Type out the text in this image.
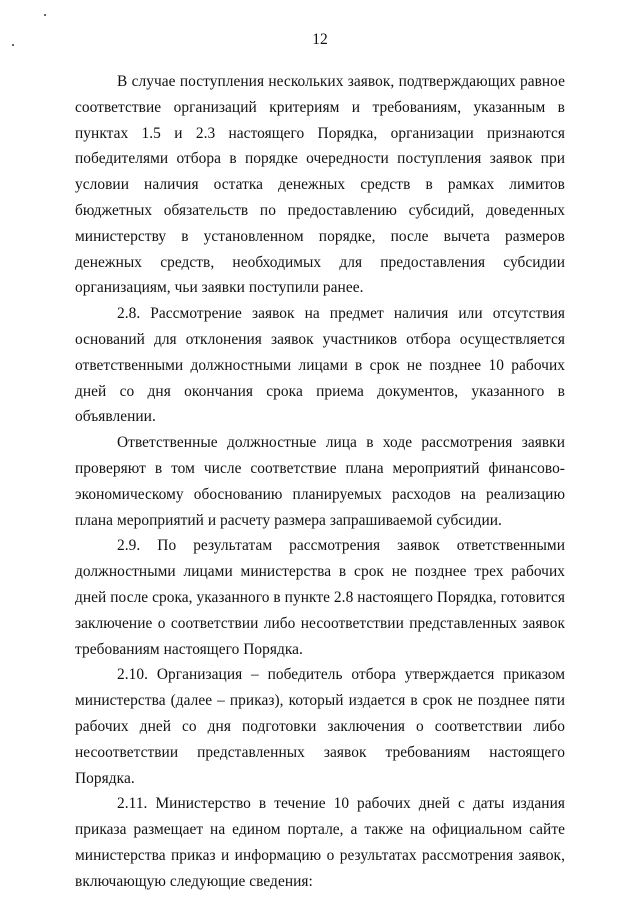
12

В случае поступления нескольких заявок, подтверждающих равное соответствие организаций критериям и требованиям, указанным в пунктах 1.5 и 2.3 настоящего Порядка, организации признаются победителями отбора в порядке очередности поступления заявок при условии наличия остатка денежных средств в рамках лимитов бюджетных обязательств по предоставлению субсидий, доведенных министерству в установленном порядке, после вычета размеров денежных средств, необходимых для предоставления субсидии организациям, чьи заявки поступили ранее.

2.8. Рассмотрение заявок на предмет наличия или отсутствия оснований для отклонения заявок участников отбора осуществляется ответственными должностными лицами в срок не позднее 10 рабочих дней со дня окончания срока приема документов, указанного в объявлении.

Ответственные должностные лица в ходе рассмотрения заявки проверяют в том числе соответствие плана мероприятий финансово-экономическому обоснованию планируемых расходов на реализацию плана мероприятий и расчету размера запрашиваемой субсидии.

2.9. По результатам рассмотрения заявок ответственными должностными лицами министерства в срок не позднее трех рабочих дней после срока, указанного в пункте 2.8 настоящего Порядка, готовится заключение о соответствии либо несоответствии представленных заявок требованиям настоящего Порядка.

2.10. Организация – победитель отбора утверждается приказом министерства (далее – приказ), который издается в срок не позднее пяти рабочих дней со дня подготовки заключения о соответствии либо несоответствии представленных заявок требованиям настоящего Порядка.

2.11. Министерство в течение 10 рабочих дней с даты издания приказа размещает на едином портале, а также на официальном сайте министерства приказ и информацию о результатах рассмотрения заявок, включающую следующие сведения:
